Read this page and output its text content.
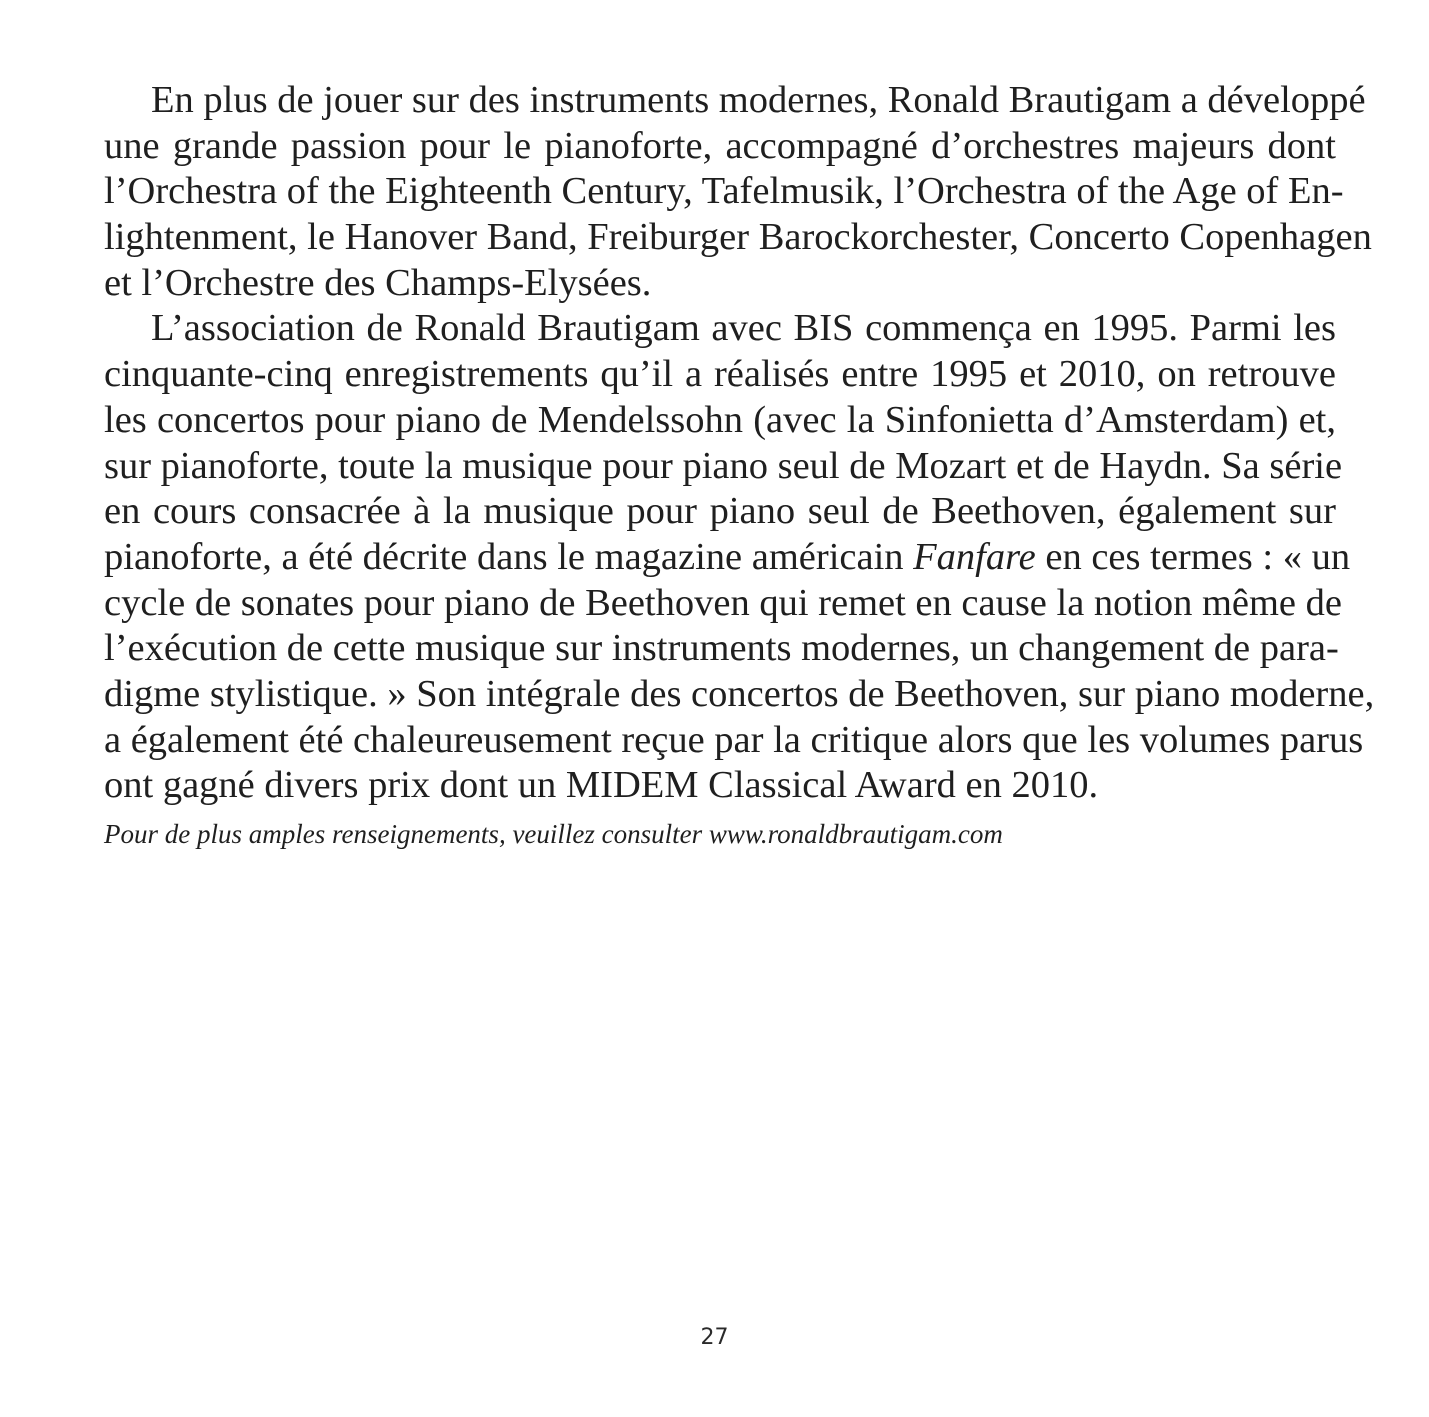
En plus de jouer sur des instruments modernes, Ronald Brautigam a développé
une grande passion pour le pianoforte, accompagné d’orchestres majeurs dont
l’Orchestra of the Eighteenth Century, Tafelmusik, l’Orchestra of the Age of En-
lightenment, le Hanover Band, Freiburger Barockorchester, Concerto Copenhagen
et l’Orchestre des Champs-Elysées.
L’association de Ronald Brautigam avec BIS commença en 1995. Parmi les
cinquante-cinq enregistrements qu’il a réalisés entre 1995 et 2010, on retrouve
les concertos pour piano de Mendelssohn (avec la Sinfonietta d’Amsterdam) et,
sur pianoforte, toute la musique pour piano seul de Mozart et de Haydn. Sa série
en cours consacrée à la musique pour piano seul de Beethoven, également sur
pianoforte, a été décrite dans le magazine américain Fanfare en ces termes : « un
cycle de sonates pour piano de Beethoven qui remet en cause la notion même de
l’exécution de cette musique sur instruments modernes, un changement de para-
digme stylistique. » Son intégrale des concertos de Beethoven, sur piano moderne,
a également été chaleureusement reçue par la critique alors que les volumes parus
ont gagné divers prix dont un MIDEM Classical Award en 2010.
Pour de plus amples renseignements, veuillez consulter www.ronaldbrautigam.com
27
